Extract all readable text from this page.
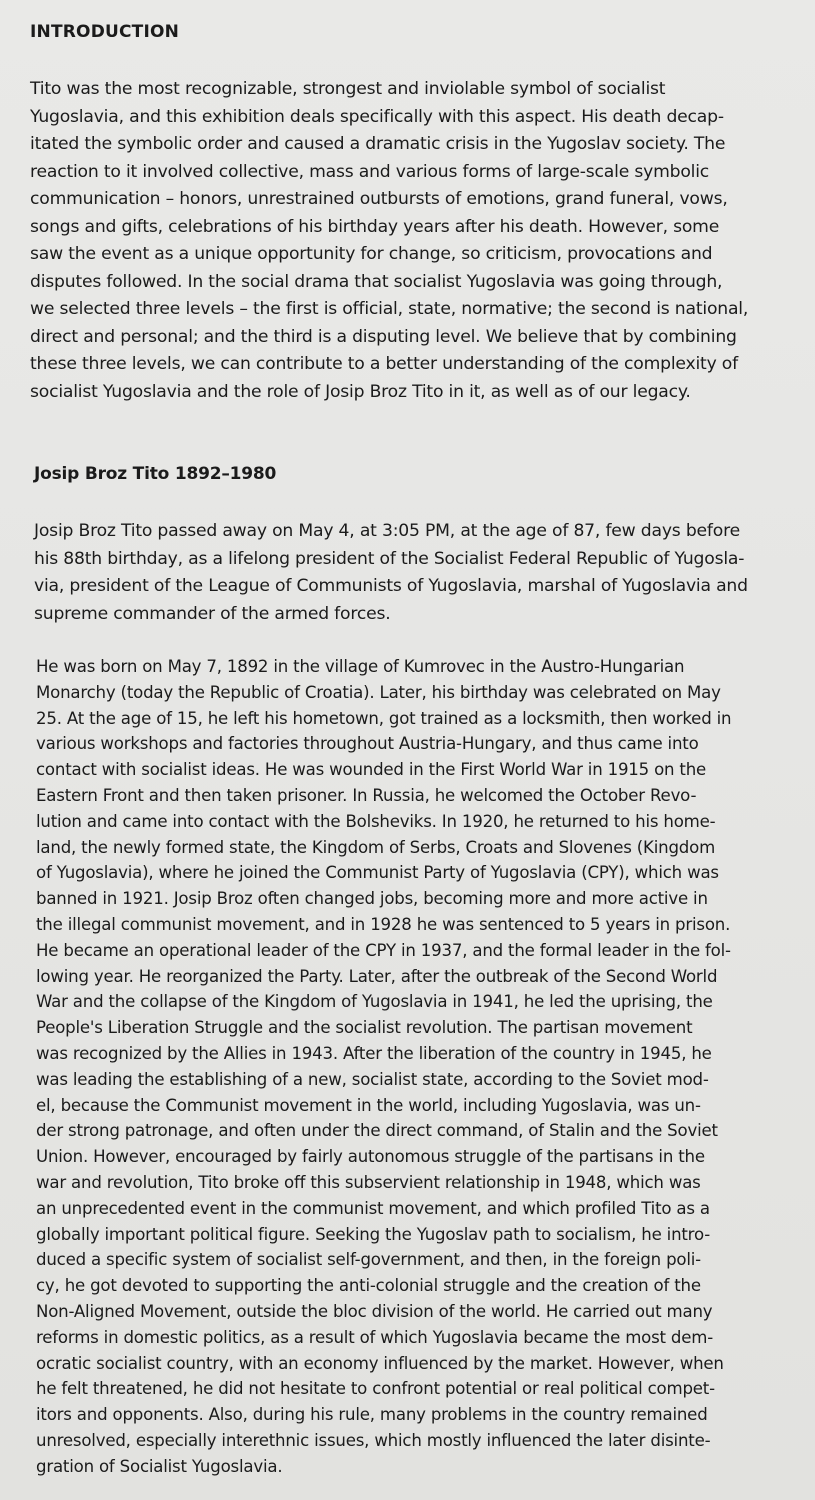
INTRODUCTION

Tito was the most recognizable, strongest and inviolable symbol of socialist
Yugoslavia, and this exhibition deals specifically with this aspect. His death decap-
itated the symbolic order and caused a dramatic crisis in the Yugoslav society. The
reaction to it involved collective, mass and various forms of large-scale symbolic
communication – honors, unrestrained outbursts of emotions, grand funeral, vows,
songs and gifts, celebrations of his birthday years after his death. However, some
saw the event as a unique opportunity for change, so criticism, provocations and
disputes followed. In the social drama that socialist Yugoslavia was going through,
we selected three levels – the first is official, state, normative; the second is national,
direct and personal; and the third is a disputing level. We believe that by combining
these three levels, we can contribute to a better understanding of the complexity of
socialist Yugoslavia and the role of Josip Broz Tito in it, as well as of our legacy.

Josip Broz Tito 1892–1980

Josip Broz Tito passed away on May 4, at 3:05 PM, at the age of 87, few days before
his 88th birthday, as a lifelong president of the Socialist Federal Republic of Yugosla-
via, president of the League of Communists of Yugoslavia, marshal of Yugoslavia and
supreme commander of the armed forces.

He was born on May 7, 1892 in the village of Kumrovec in the Austro-Hungarian
Monarchy (today the Republic of Croatia). Later, his birthday was celebrated on May
25. At the age of 15, he left his hometown, got trained as a locksmith, then worked in
various workshops and factories throughout Austria-Hungary, and thus came into
contact with socialist ideas. He was wounded in the First World War in 1915 on the
Eastern Front and then taken prisoner. In Russia, he welcomed the October Revo-
lution and came into contact with the Bolsheviks. In 1920, he returned to his home-
land, the newly formed state, the Kingdom of Serbs, Croats and Slovenes (Kingdom
of Yugoslavia), where he joined the Communist Party of Yugoslavia (CPY), which was
banned in 1921. Josip Broz often changed jobs, becoming more and more active in
the illegal communist movement, and in 1928 he was sentenced to 5 years in prison.
He became an operational leader of the CPY in 1937, and the formal leader in the fol-
lowing year. He reorganized the Party. Later, after the outbreak of the Second World
War and the collapse of the Kingdom of Yugoslavia in 1941, he led the uprising, the
People's Liberation Struggle and the socialist revolution. The partisan movement
was recognized by the Allies in 1943. After the liberation of the country in 1945, he
was leading the establishing of a new, socialist state, according to the Soviet mod-
el, because the Communist movement in the world, including Yugoslavia, was un-
der strong patronage, and often under the direct command, of Stalin and the Soviet
Union. However, encouraged by fairly autonomous struggle of the partisans in the
war and revolution, Tito broke off this subservient relationship in 1948, which was
an unprecedented event in the communist movement, and which profiled Tito as a
globally important political figure. Seeking the Yugoslav path to socialism, he intro-
duced a specific system of socialist self-government, and then, in the foreign poli-
cy, he got devoted to supporting the anti-colonial struggle and the creation of the
Non-Aligned Movement, outside the bloc division of the world. He carried out many
reforms in domestic politics, as a result of which Yugoslavia became the most dem-
ocratic socialist country, with an economy influenced by the market. However, when
he felt threatened, he did not hesitate to confront potential or real political compet-
itors and opponents. Also, during his rule, many problems in the country remained
unresolved, especially interethnic issues, which mostly influenced the later disinte-
gration of Socialist Yugoslavia.
